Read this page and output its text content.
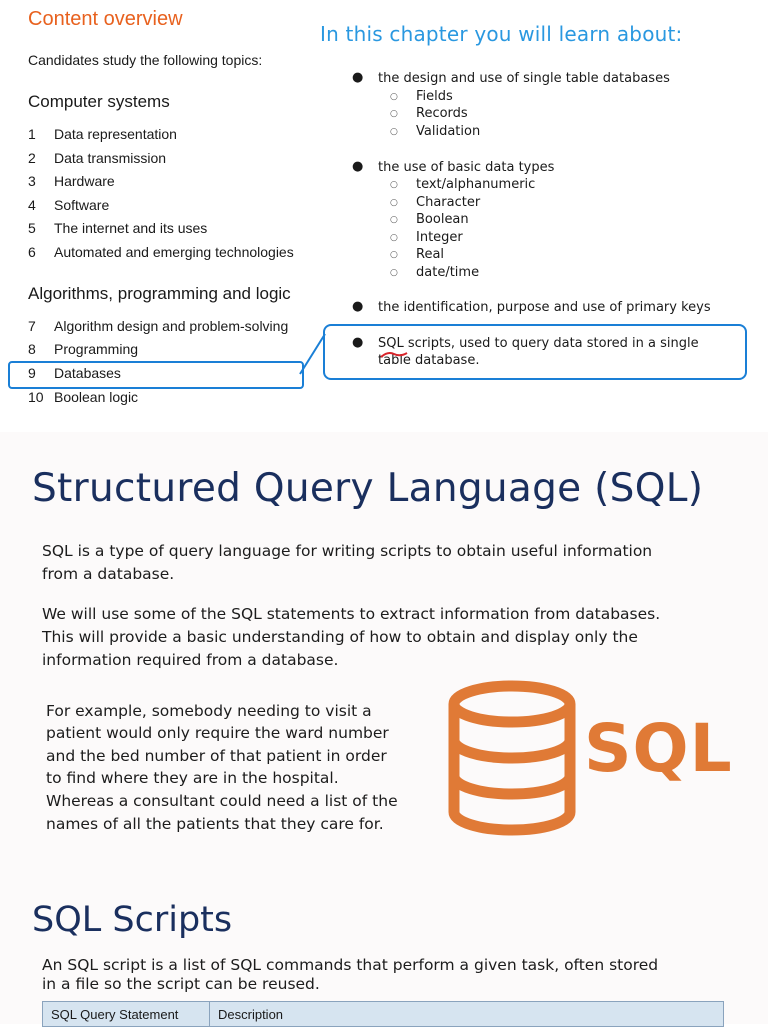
Content overview
Candidates study the following topics:
Computer systems
1 Data representation
2 Data transmission
3 Hardware
4 Software
5 The internet and its uses
6 Automated and emerging technologies
Algorithms, programming and logic
7 Algorithm design and problem-solving
8 Programming
9 Databases
10 Boolean logic
In this chapter you will learn about:
● the design and use of single table databases
○ Fields
○ Records
○ Validation
● the use of basic data types
○ text/alphanumeric
○ Character
○ Boolean
○ Integer
○ Real
○ date/time
● the identification, purpose and use of primary keys
● SQL scripts, used to query data stored in a single
table database.
Structured Query Language (SQL)
SQL is a type of query language for writing scripts to obtain useful information
from a database.
We will use some of the SQL statements to extract information from databases.
This will provide a basic understanding of how to obtain and display only the
information required from a database.
For example, somebody needing to visit a
patient would only require the ward number
and the bed number of that patient in order
to find where they are in the hospital.
Whereas a consultant could need a list of the
names of all the patients that they care for.
SQL
SQL Scripts
An SQL script is a list of SQL commands that perform a given task, often stored
in a file so the script can be reused.
SQL Query Statement	Description
